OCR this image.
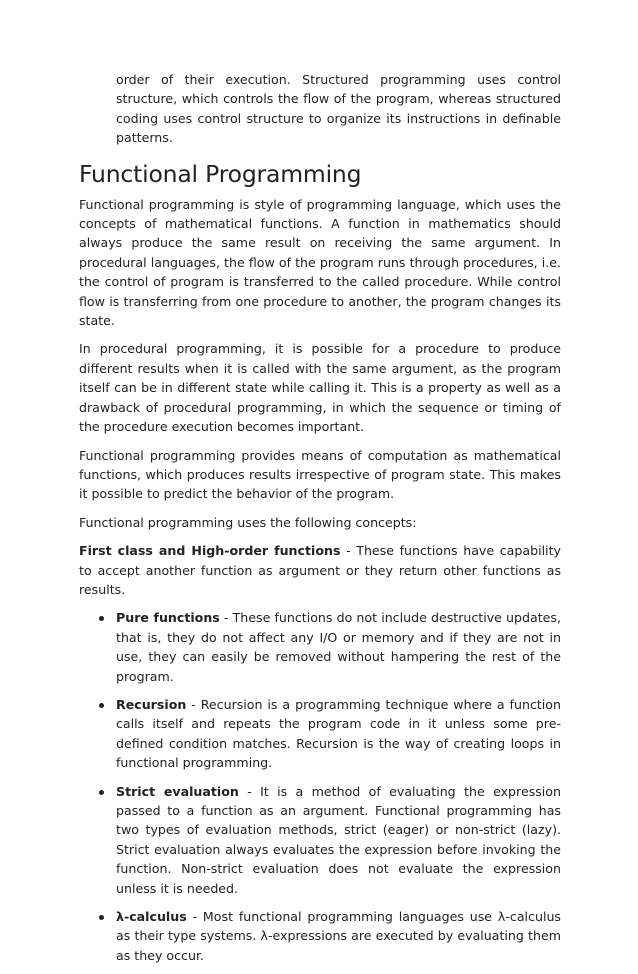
order of their execution. Structured programming uses control structure, which controls the flow of the program, whereas structured coding uses control structure to organize its instructions in definable patterns.

Functional Programming

Functional programming is style of programming language, which uses the concepts of mathematical functions. A function in mathematics should always produce the same result on receiving the same argument. In procedural languages, the flow of the program runs through procedures, i.e. the control of program is transferred to the called procedure. While control flow is transferring from one procedure to another, the program changes its state.

In procedural programming, it is possible for a procedure to produce different results when it is called with the same argument, as the program itself can be in different state while calling it. This is a property as well as a drawback of procedural programming, in which the sequence or timing of the procedure execution becomes important.

Functional programming provides means of computation as mathematical functions, which produces results irrespective of program state. This makes it possible to predict the behavior of the program.

Functional programming uses the following concepts:

First class and High-order functions - These functions have capability to accept another function as argument or they return other functions as results.

Pure functions - These functions do not include destructive updates, that is, they do not affect any I/O or memory and if they are not in use, they can easily be removed without hampering the rest of the program.
Recursion - Recursion is a programming technique where a function calls itself and repeats the program code in it unless some pre-defined condition matches. Recursion is the way of creating loops in functional programming.
Strict evaluation - It is a method of evaluating the expression passed to a function as an argument. Functional programming has two types of evaluation methods, strict (eager) or non-strict (lazy). Strict evaluation always evaluates the expression before invoking the function. Non-strict evaluation does not evaluate the expression unless it is needed.
λ-calculus - Most functional programming languages use λ-calculus as their type systems. λ-expressions are executed by evaluating them as they occur.
